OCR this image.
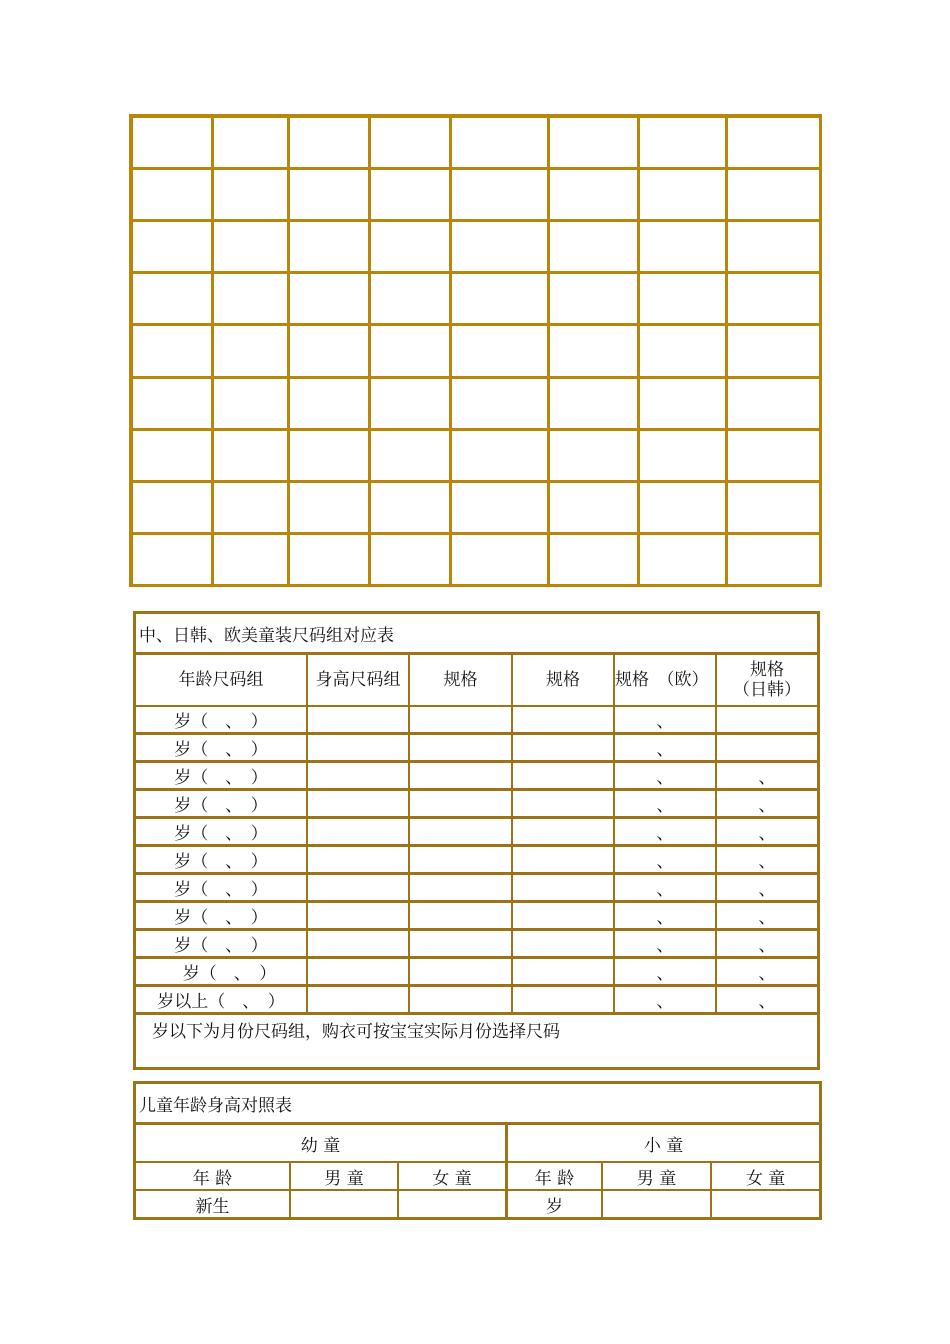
中、日韩、欧美童装尺码组对应表					
年龄尺码组	身高尺码组	规格	规格	规格　（欧）	规格
（日韩）

岁（　、　）				、	
岁（　、　）				、	
岁（　、　）				、	、
岁（　、　）				、	、
岁（　、　）				、	、
岁（　、　）				、	、
岁（　、　）				、	、
岁（　、　）				、	、
岁（　、　）				、	、
　岁（　、　）				、	、
岁以上（　、　）				、	、
岁以下为月份尺码组，购衣可按宝宝实际月份选择尺码					
儿童年龄身高对照表					
幼 童			小 童		
年 龄	男 童	女 童	年 龄	男 童	女 童
新生			岁		
